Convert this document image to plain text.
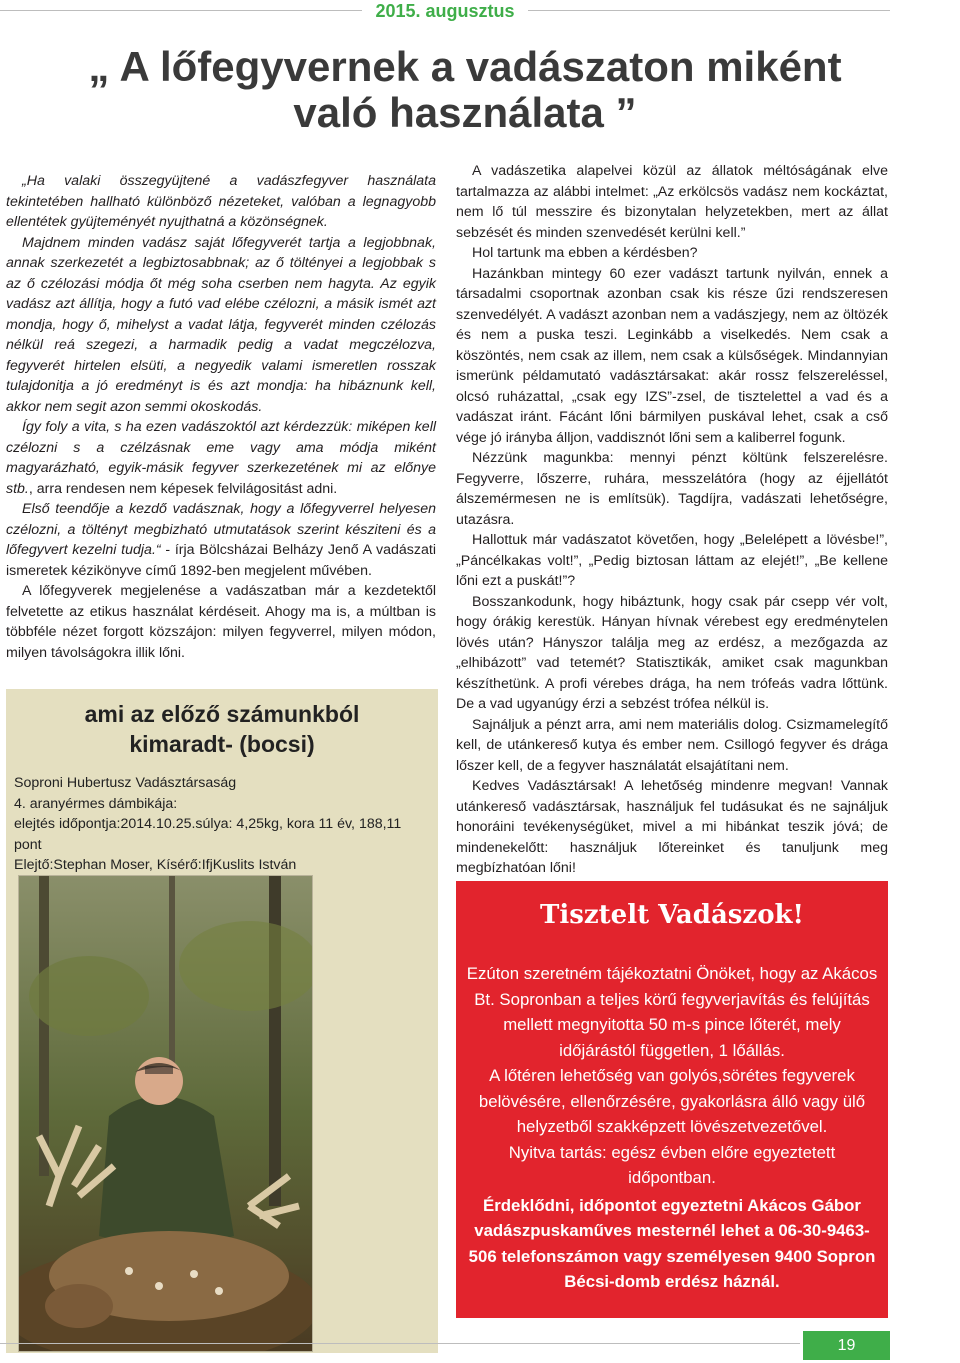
2015. augusztus
„ A lőfegyvernek a vadászaton miként
való használata ”

„Ha valaki összegyüjtené a vadászfegyver használata tekintetében hallható különböző nézeteket, valóban a legnagyobb ellentétek gyüjteményét nyujthatná a közönségnek.

Majdnem minden vadász saját lőfegyverét tartja a legjobbnak, annak szerkezetét a legbiztosabbnak; az ő töltényei a legjobbak s az ő czélozási módja őt még soha cserben nem hagyta. Az egyik vadász azt állítja, hogy a futó vad elébe czélozni, a másik ismét azt mondja, hogy ő, mihelyst a vadat látja, fegyverét minden czélozás nélkül reá szegezi, a harmadik pedig a vadat megczélozva, fegyverét hirtelen elsüti, a negyedik valami ismeretlen rosszak tulajdonitja a jó eredményt is és azt mondja: ha hibáznunk kell, akkor nem segit azon semmi okoskodás.

Így foly a vita, s ha ezen vadászoktól azt kérdezzük: miképen kell czélozni s a czélzásnak eme vagy ama módja miként magyarázható, egyik-másik fegyver szerkezetének mi az előnye stb., arra rendesen nem képesek felvilágositást adni.

Első teendője a kezdő vadásznak, hogy a lőfegyverrel helyesen czélozni, a töltényt megbizható utmutatások szerint késziteni és a lőfegyvert kezelni tudja.“ - írja Bölcsházai Belházy Jenő A vadászati ismeretek kézikönyve című 1892-ben megjelent művében.

A lőfegyverek megjelenése a vadászatban már a kezdetektől felvetette az etikus használat kérdéseit. Ahogy ma is, a múltban is többféle nézet forgott közszájon: milyen fegyverrel, milyen módon, milyen távolságokra illik lőni.

A vadászetika alapelvei közül az állatok méltóságának elve tartalmazza az alábbi intelmet: „Az erkölcsös vadász nem kockáztat, nem lő túl messzire és bizonytalan helyzetekben, mert az állat sebzését és minden szenvedését kerülni kell.”

Hol tartunk ma ebben a kérdésben?

Hazánkban mintegy 60 ezer vadászt tartunk nyilván, ennek a társadalmi csoportnak azonban csak kis része űzi rendszeresen szenvedélyét. A vadászt azonban nem a vadászjegy, nem az öltözék és nem a puska teszi. Leginkább a viselkedés. Nem csak a köszöntés, nem csak az illem, nem csak a külsőségek. Mindannyian ismerünk példamutató vadásztársakat: akár rossz felszereléssel, olcsó ruházattal, „csak egy IZS”-zsel, de tisztelettel a vad és a vadászat iránt. Fácánt lőni bármilyen puskával lehet, csak a cső vége jó irányba álljon, vaddisznót lőni sem a kaliberrel fogunk.

Nézzünk magunkba: mennyi pénzt költünk felszerelésre. Fegyverre, lőszerre, ruhára, messzelátóra (hogy az éjjellátót álszemérmesen ne is említsük). Tagdíjra, vadászati lehetőségre, utazásra.

Hallottuk már vadászatot követően, hogy „Belelépett a lövésbe!”, „Páncélkakas volt!”, „Pedig biztosan láttam az elejét!”, „Be kellene lőni ezt a puskát!”?

Bosszankodunk, hogy hibáztunk, hogy csak pár csepp vér volt, hogy órákig kerestük. Hányan hívnak vérebest egy eredménytelen lövés után? Hányszor találja meg az erdész, a mezőgazda az „elhibázott” vad tetemét? Statisztikák, amiket csak magunkban készíthetünk. A profi vérebes drága, ha nem trófeás vadra lőttünk. De a vad ugyanúgy érzi a sebzést trófea nélkül is.

Sajnáljuk a pénzt arra, ami nem materiális dolog. Csizmamelegítő kell, de utánkereső kutya és ember nem. Csillogó fegyver és drága lőszer kell, de a fegyver használatát elsajátítani nem.

Kedves Vadásztársak! A lehetőség mindenre megvan! Vannak utánkereső vadásztársak, használjuk fel tudásukat és ne sajnáljuk honoráini tevékenységüket, mivel a mi hibánkat teszik jóvá; de mindenekelőtt: használjuk lőtereinket és tanuljunk meg megbízhatóan lőni!

ami az előző számunkból
kimaradt- (bocsi)
Soproni Hubertusz Vadásztársaság
4. aranyérmes dámbikája:
elejtés időpontja:2014.10.25.súlya: 4,25kg, kora 11 év, 188,11 pont
Elejtő:Stephan Moser, Kísérő:IfjKuslits István
Tisztelt Vadászok!

Ezúton szeretném tájékoztatni Önöket, hogy az Akácos Bt. Sopronban a teljes körű fegyverjavítás és felújítás mellett megnyitotta 50 m-s pince lőterét, mely időjárástól független, 1 lőállás.

A lőtéren lehetőség van golyós,sörétes fegyverek belövésére, ellenőrzésére, gyakorlásra álló vagy ülő helyzetből szakképzett lövészetvezetővel.

Nyitva tartás: egész évben előre egyeztetett időpontban.

Érdeklődni, időpontot egyeztetni Akácos Gábor vadászpuskaműves mesternél lehet a 06-30-9463-506 telefonszámon vagy személyesen 9400 Sopron Bécsi-domb erdész háznál.

19
